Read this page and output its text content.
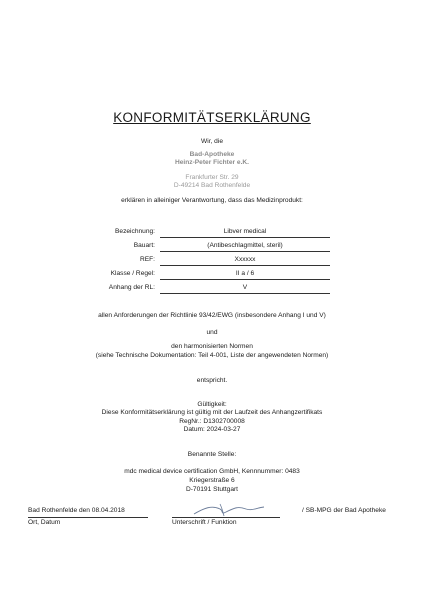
KONFORMITÄTSERKLÄRUNG
Wir, die
Bad-Apotheke
Heinz-Peter Fichter e.K.
Frankfurter Str. 29
D-49214 Bad Rothenfelde
erklären in alleiniger Verantwortung, dass das Medizinprodukt:
Bezeichnung:	Libver medical
Bauart:	(Antibeschlagmittel, steril)
REF:	Xxxxxx
Klasse / Regel:	II a / 6
Anhang der RL:	V
allen Anforderungen der Richtlinie 93/42/EWG (insbesondere Anhang I und V)
und
den harmonisierten Normen
(siehe Technische Dokumentation: Teil 4-001, Liste der angewendeten Normen)
entspricht.
Gültigkeit:
Diese Konformitätserklärung ist gültig mit der Laufzeit des Anhangzertifikats
RegNr.: D1302700008
Datum: 2024-03-27
Benannte Stelle:
mdc medical device certification GmbH, Kennnummer: 0483
Kriegerstraße 6
D-70191 Stuttgart
Bad Rothenfelde den 08.04.2018
Ort, Datum	Unterschrift / Funktion
/ SB-MPG der Bad Apotheke
